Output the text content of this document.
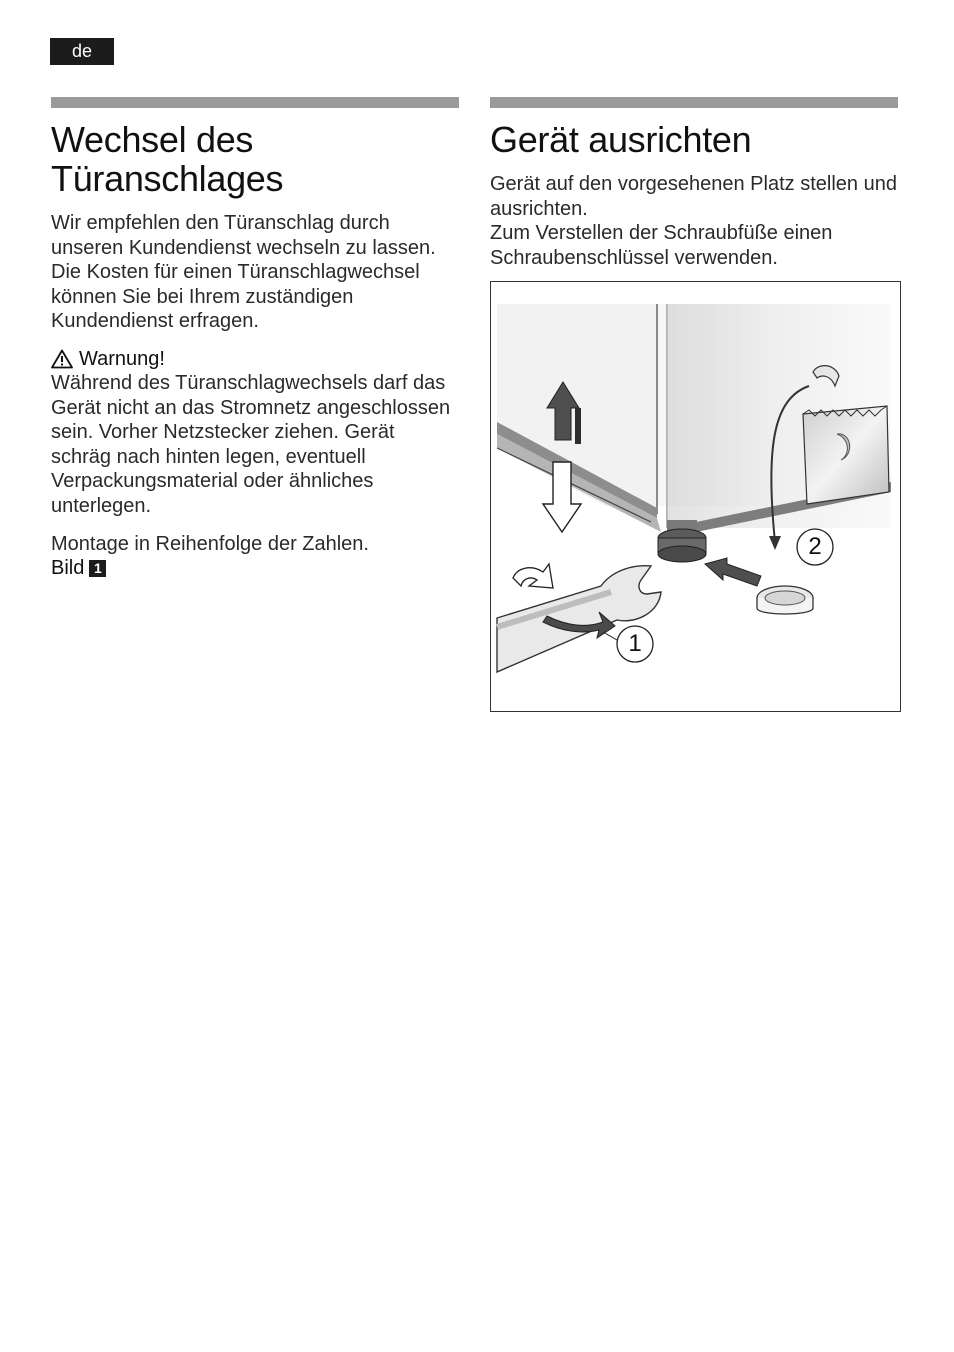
de
Wechsel des Türanschlages

Wir empfehlen den Türanschlag durch unseren Kundendienst wechseln zu lassen. Die Kosten für einen Türanschlagwechsel können Sie bei Ihrem zuständigen Kundendienst erfragen.

Warnung!

Während des Türanschlagwechsels darf das Gerät nicht an das Stromnetz angeschlossen sein. Vorher Netzstecker ziehen. Gerät schräg nach hinten legen, eventuell Verpackungsmaterial oder ähnliches unterlegen.

Montage in Reihenfolge der Zahlen.

Bild 1
Gerät ausrichten

Gerät auf den vorgesehenen Platz stellen und ausrichten.

Zum Verstellen der Schraubfüße einen Schraubenschlüssel verwenden.

1
2
